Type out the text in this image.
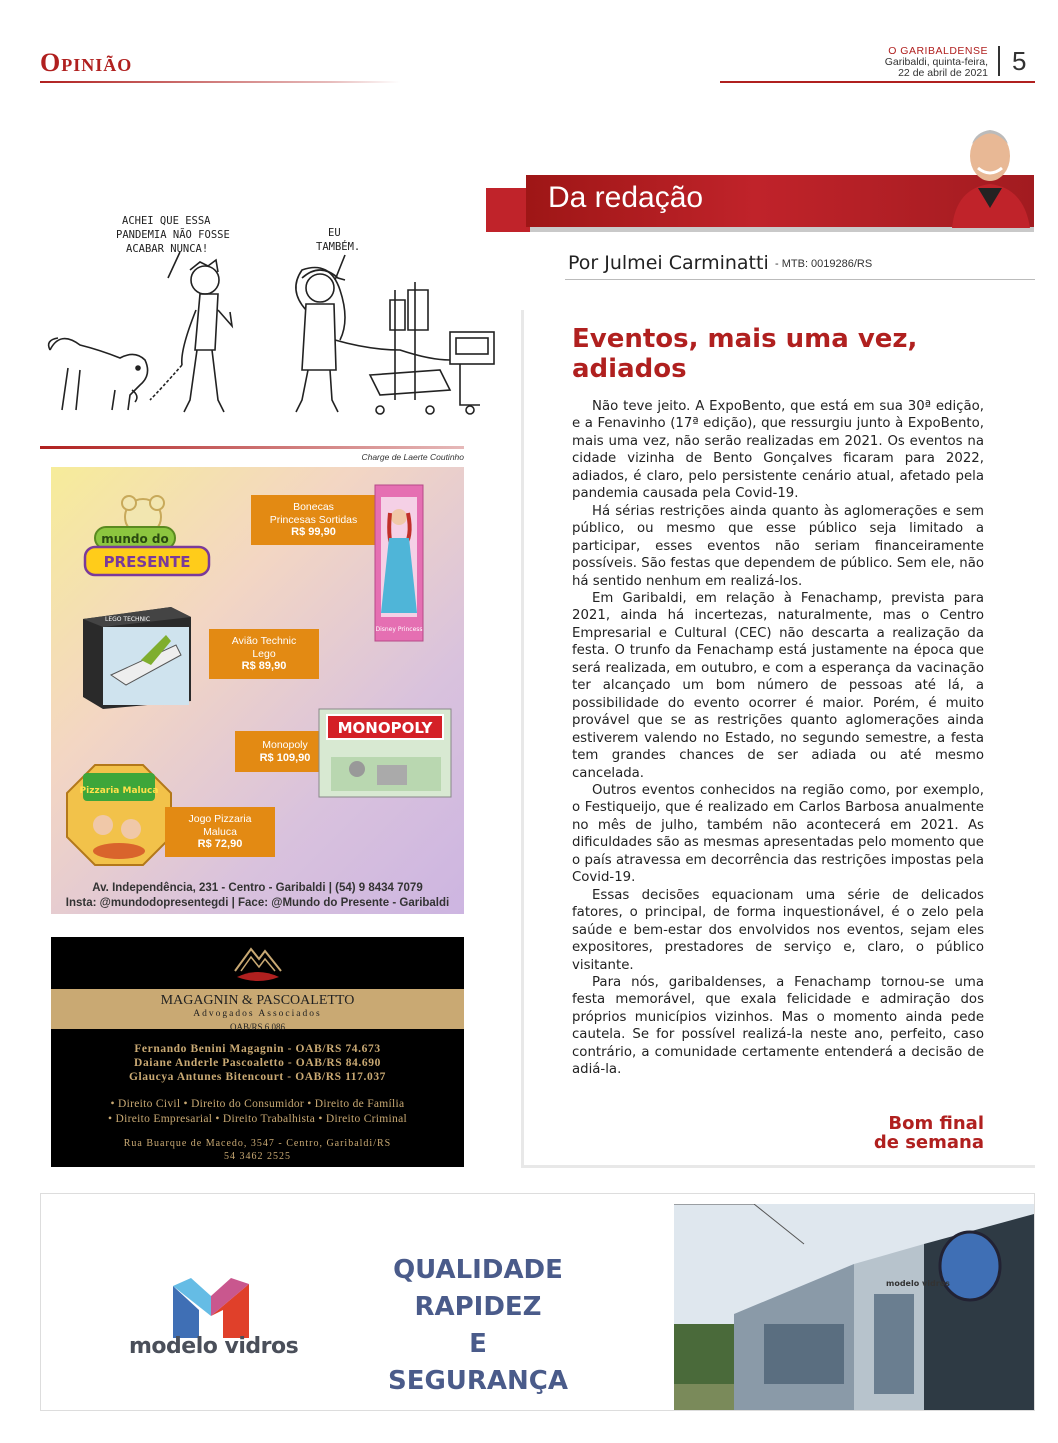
Opinião	O GARIBALDENSE
Garibaldi, quinta-feira,
22 de abril de 2021 5
Da redação
Por Julmei Carminatti - MTB: 0019286/RS
ACHEI QUE ESSA
PANDEMIA NÃO FOSSE
ACABAR NUNCA!
EU
TAMBÉM.
Charge de Laerte Coutinho
Eventos, mais uma vez, adiados

Não teve jeito. A ExpoBento, que está em sua 30ª edição, e a Fenavinho (17ª edição), que ressurgiu junto à ExpoBento, mais uma vez, não serão realizadas em 2021. Os eventos na cidade vizinha de Bento Gonçalves ficaram para 2022, adiados, é claro, pelo persistente cenário atual, afetado pela pandemia causada pela Covid-19.

Há sérias restrições ainda quanto às aglomerações e sem público, ou mesmo que esse público seja limitado a participar, esses eventos não seriam financeiramente possíveis. São festas que dependem de público. Sem ele, não há sentido nenhum em realizá-los.

Em Garibaldi, em relação à Fenachamp, prevista para 2021, ainda há incertezas, naturalmente, mas o Centro Empresarial e Cultural (CEC) não descarta a realização da festa. O trunfo da Fenachamp está justamente na época que será realizada, em outubro, e com a esperança da vacinação ter alcançado um bom número de pessoas até lá, a possibilidade do evento ocorrer é maior. Porém, é muito provável que se as restrições quanto aglomerações ainda estiverem valendo no Estado, no segundo semestre, a festa tem grandes chances de ser adiada ou até mesmo cancelada.

Outros eventos conhecidos na região como, por exemplo, o Festiqueijo, que é realizado em Carlos Barbosa anualmente no mês de julho, também não acontecerá em 2021. As dificuldades são as mesmas apresentadas pelo momento que o país atravessa em decorrência das restrições impostas pela Covid-19.

Essas decisões equacionam uma série de delicados fatores, o principal, de forma inquestionável, é o zelo pela saúde e bem-estar dos envolvidos nos eventos, sejam eles expositores, prestadores de serviço e, claro, o público visitante.

Para nós, garibaldenses, a Fenachamp tornou-se uma festa memorável, que exala felicidade e admiração dos próprios municípios vizinhos. Mas o momento ainda pede cautela. Se for possível realizá-la neste ano, perfeito, caso contrário, a comunidade certamente entenderá a decisão de adiá-la.

Bom final
de semana
mundo do
PRESENTE
Bonecas
Princesas Sortidas
R$ 99,90
Disney Princess
LEGO TECHNIC
Avião Technic
Lego
R$ 89,90
Monopoly
R$ 109,90
MONOPOLY
Pizzaria Maluca
Jogo Pizzaria
Maluca
R$ 72,90
Av. Independência, 231 - Centro - Garibaldi | (54) 9 8434 7079
Insta: @mundodopresentegdi | Face: @Mundo do Presente - Garibaldi
MAGAGNIN & PASCOALETTO
Advogados Associados
OAB/RS 6.086
Fernando Benini Magagnin - OAB/RS 74.673
Daiane Anderle Pascoaletto - OAB/RS 84.690
Glaucya Antunes Bitencourt - OAB/RS 117.037
• Direito Civil • Direito do Consumidor • Direito de Família
• Direito Empresarial • Direito Trabalhista • Direito Criminal
Rua Buarque de Macedo, 3547 - Centro, Garibaldi/RS
54 3462 2525
modelo vidros
QUALIDADE
RAPIDEZ
E
SEGURANÇA
modelo vidros
